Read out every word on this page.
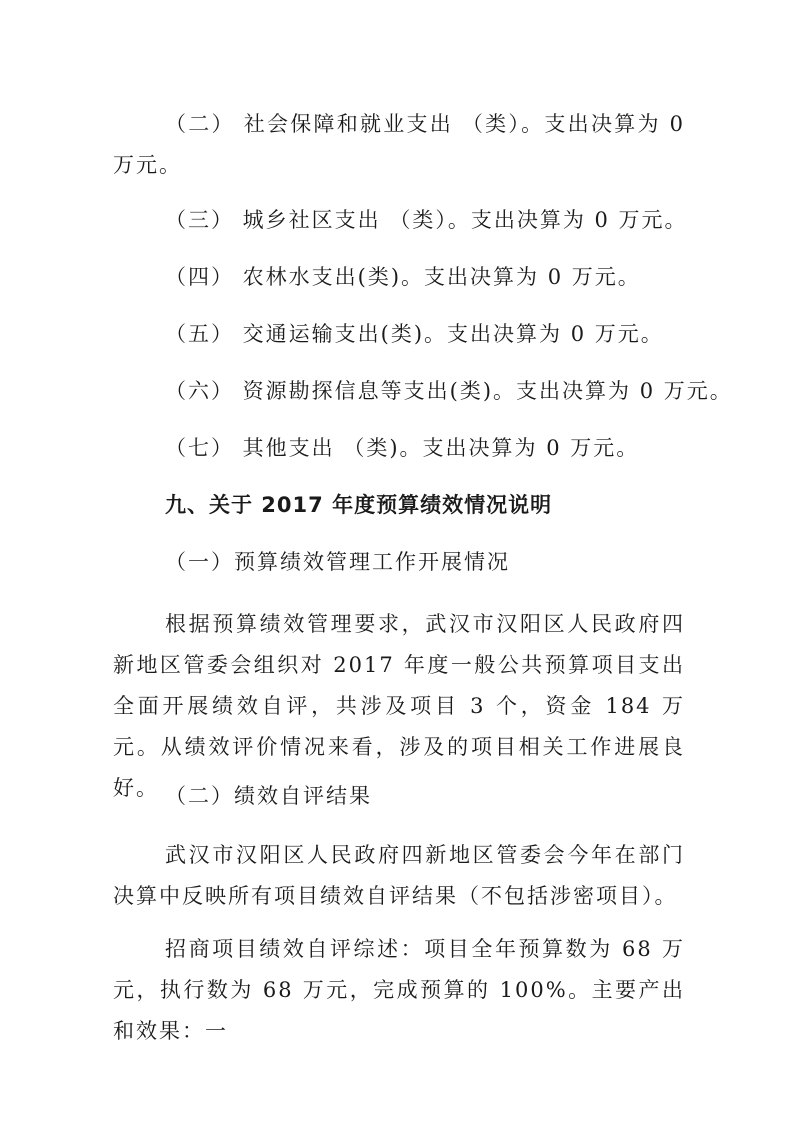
（二） 社会保障和就业支出 （类）。支出决算为 0 万元。

（三） 城乡社区支出 （类）。支出决算为 0 万元。

（四） 农林水支出(类)。支出决算为 0 万元。

（五） 交通运输支出(类)。支出决算为 0 万元。

（六） 资源勘探信息等支出(类)。支出决算为 0 万元。

（七） 其他支出 （类)。支出决算为 0 万元。

九、关于 2017 年度预算绩效情况说明

（一）预算绩效管理工作开展情况

根据预算绩效管理要求，武汉市汉阳区人民政府四新地区管委会组织对 2017 年度一般公共预算项目支出全面开展绩效自评，共涉及项目 3 个，资金 184 万元。从绩效评价情况来看，涉及的项目相关工作进展良好。 （二）绩效自评结果

武汉市汉阳区人民政府四新地区管委会今年在部门决算中反映所有项目绩效自评结果（不包括涉密项目）。

招商项目绩效自评综述：项目全年预算数为 68 万元，执行数为 68 万元，完成预算的 100%。主要产出和效果：一
